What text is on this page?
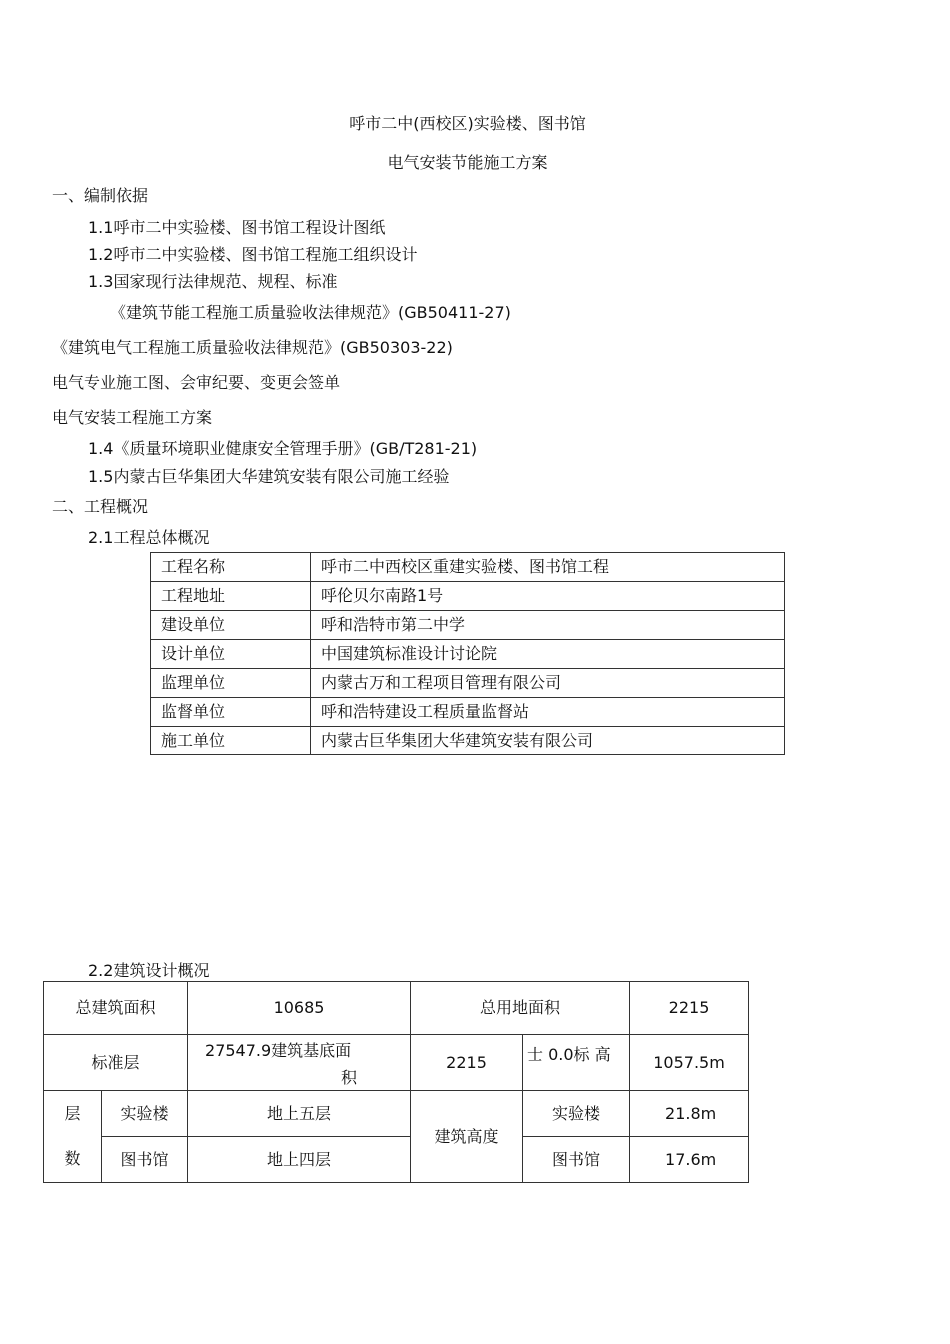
呼市二中(西校区)实验楼、图书馆
电气安装节能施工方案
一、编制依据
1.1呼市二中实验楼、图书馆工程设计图纸
1.2呼市二中实验楼、图书馆工程施工组织设计
1.3国家现行法律规范、规程、标准
《建筑节能工程施工质量验收法律规范》(GB50411-27)
《建筑电气工程施工质量验收法律规范》(GB50303-22)
电气专业施工图、会审纪要、变更会签单
电气安装工程施工方案
1.4《质量环境职业健康安全管理手册》(GB/T281-21)
1.5内蒙古巨华集团大华建筑安装有限公司施工经验
二、工程概况
2.1工程总体概况
工程名称	呼市二中西校区重建实验楼、图书馆工程
工程地址	呼伦贝尔南路1号
建设单位	呼和浩特市第二中学
设计单位	中国建筑标准设计讨论院
监理单位	内蒙古万和工程项目管理有限公司
监督单位	呼和浩特建设工程质量监督站
施工单位	内蒙古巨华集团大华建筑安装有限公司
2.2建筑设计概况
总建筑面积		10685	总用地面积		2215
标准层		27547.9建筑基底面
积	2215	士 0.0标 高	1057.5m
层	实验楼	地上五层	建筑高度	实验楼	21.8m
数	图书馆	地上四层		图书馆	17.6m
